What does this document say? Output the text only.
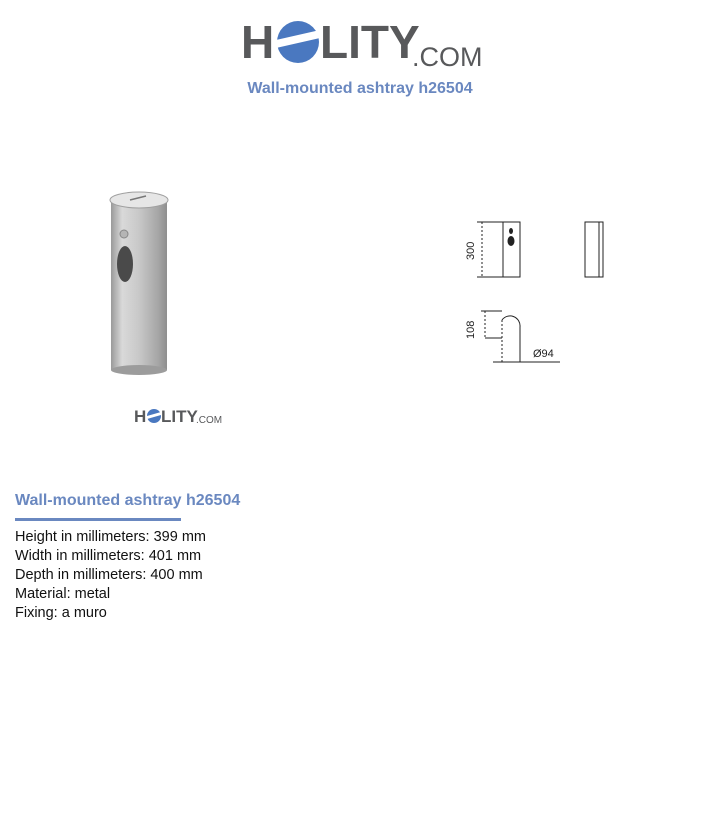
H LITY
.COM
Wall-mounted ashtray h26504
H LITY
.COM
300
108
Ø94
Wall-mounted ashtray h26504
Height in millimeters: 399 mm
Width in millimeters: 401 mm
Depth in millimeters: 400 mm
Material: metal
Fixing: a muro
